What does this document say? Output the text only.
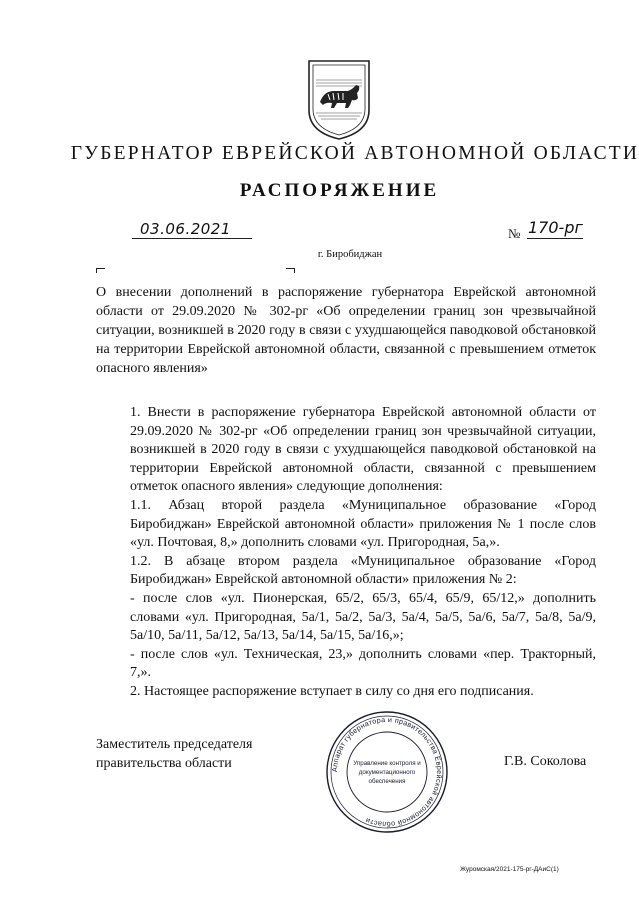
ГУБЕРНАТОР ЕВРЕЙСКОЙ АВТОНОМНОЙ ОБЛАСТИ
РАСПОРЯЖЕНИЕ
03.06.2021	№ 170-рг
г. Биробиджан
О внесении дополнений в распоряжение губернатора Еврейской автономной области от 29.09.2020 № 302-рг «Об определении границ зон чрезвычайной ситуации, возникшей в 2020 году в связи с ухудшающейся паводковой обстановкой на территории Еврейской автономной области, связанной с превышением отметок опасного явления»

1. Внести в распоряжение губернатора Еврейской автономной области от 29.09.2020 № 302-рг «Об определении границ зон чрезвычайной ситуации, возникшей в 2020 году в связи с ухудшающейся паводковой обстановкой на территории Еврейской автономной области, связанной с превышением отметок опасного явления» следующие дополнения:

1.1. Абзац второй раздела «Муниципальное образование «Город Биробиджан» Еврейской автономной области» приложения № 1 после слов «ул. Почтовая, 8,» дополнить словами «ул. Пригородная, 5а,».

1.2. В абзаце втором раздела «Муниципальное образование «Город Биробиджан» Еврейской автономной области» приложения № 2:

- после слов «ул. Пионерская, 65/2, 65/3, 65/4, 65/9, 65/12,» дополнить словами «ул. Пригородная, 5а/1, 5а/2, 5а/3, 5а/4, 5а/5, 5а/6, 5а/7, 5а/8, 5а/9, 5а/10, 5а/11, 5а/12, 5а/13, 5а/14, 5а/15, 5а/16,»;

- после слов «ул. Техническая, 23,» дополнить словами «пер. Тракторный, 7,».

2. Настоящее распоряжение вступает в силу со дня его подписания.

Заместитель председателя правительства области	Г.В. Соколова
Аппарат губернатора и правительства Еврейской автономной области
Управление контроля и
документационного
обеспечения
Журомская/2021-175-рг-ДАиС(1)
